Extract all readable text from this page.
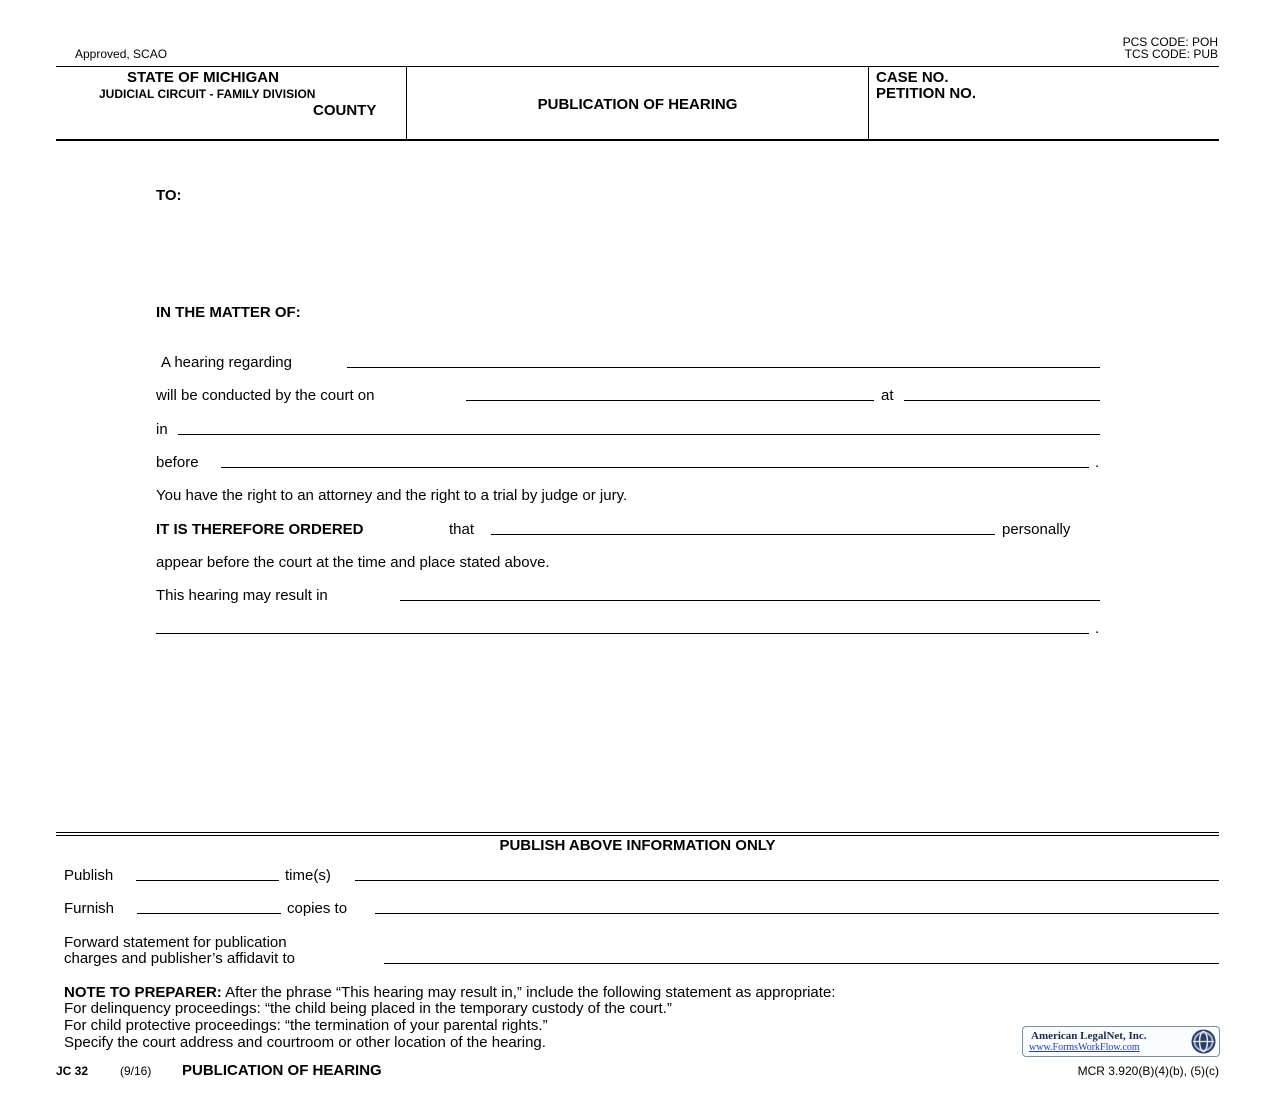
Approved, SCAO
PCS CODE: POH
TCS CODE: PUB
STATE OF MICHIGAN
JUDICIAL CIRCUIT - FAMILY DIVISION
COUNTY	PUBLICATION OF HEARING
CASE NO.
PETITION NO.
TO:
IN THE MATTER OF:
A hearing regarding
will be conducted by the court on	at
in
before	.
You have the right to an attorney and the right to a trial by judge or jury.
IT IS THEREFORE ORDERED	that	personally
appear before the court at the time and place stated above.
This hearing may result in
.
PUBLISH ABOVE INFORMATION ONLY
Publish	time(s)
Furnish	copies to
Forward statement for publication
charges and publisher’s affidavit to
NOTE TO PREPARER: After the phrase “This hearing may result in,” include the following statement as appropriate:
For delinquency proceedings: “the child being placed in the temporary custody of the court.”
For child protective proceedings: “the termination of your parental rights.”
Specify the court address and courtroom or other location of the hearing.	American LegalNet, Inc.
www.FormsWorkFlow.com
JC 32	(9/16) PUBLICATION OF HEARING	MCR 3.920(B)(4)(b), (5)(c)
